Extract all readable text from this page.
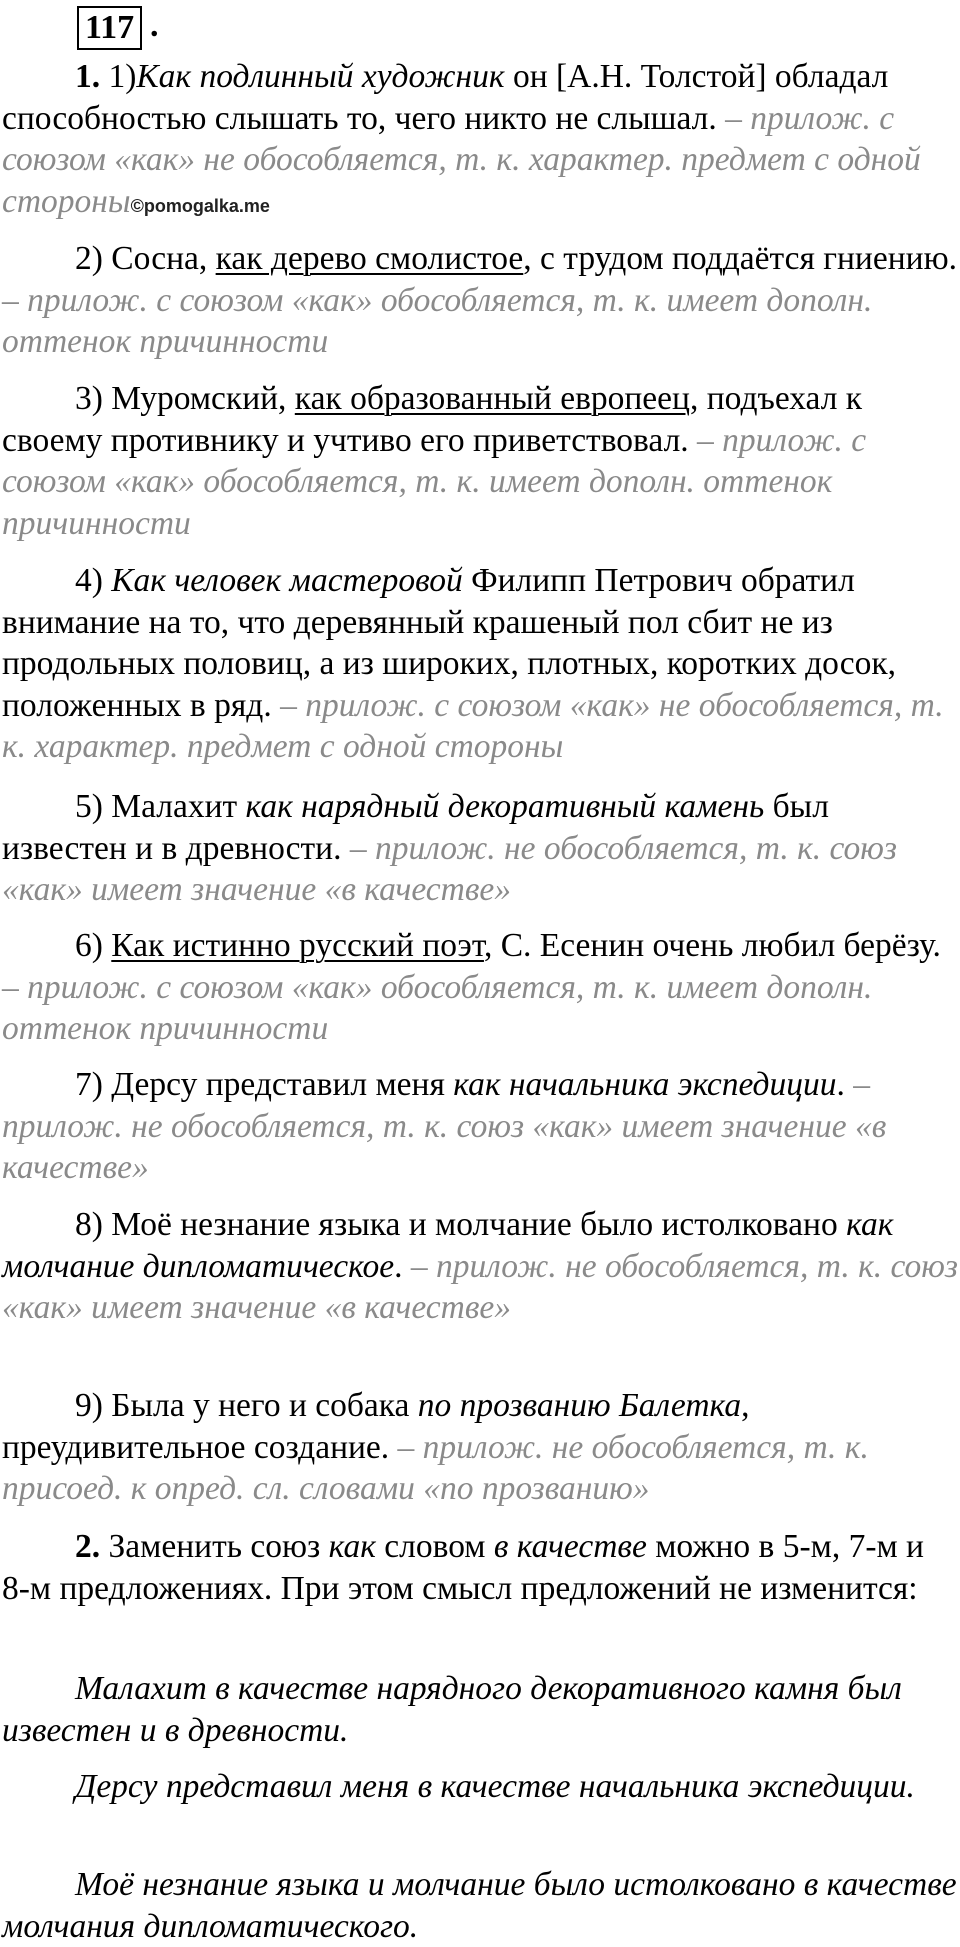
117 .

1. 1)Как подлинный художник он [А.Н. Толстой] обладал способностью слышать то, чего никто не слышал. – прилож. с союзом «как» не обособляется, т. к. характер. предмет с одной стороны©pomogalka.me

2) Сосна, как дерево смолистое, с трудом поддаётся гниению. – прилож. с союзом «как» обособляется, т. к. имеет дополн. оттенок причинности

3) Муромский, как образованный европеец, подъехал к своему противнику и учтиво его приветствовал. – прилож. с союзом «как» обособляется, т. к. имеет дополн. оттенок причинности

4) Как человек мастеровой Филипп Петрович обратил внимание на то, что деревянный крашеный пол сбит не из продольных половиц, а из широких, плотных, коротких досок, положенных в ряд. – прилож. с союзом «как» не обособляется, т. к. характер. предмет с одной стороны

5) Малахит как нарядный декоративный камень был известен и в древности. – прилож. не обособляется, т. к. союз «как» имеет значение «в качестве»

6) Как истинно русский поэт, С. Есенин очень любил берёзу. – прилож. с союзом «как» обособляется, т. к. имеет дополн. оттенок причинности

7) Дерсу представил меня как начальника экспедиции. – прилож. не обособляется, т. к. союз «как» имеет значение «в качестве»

8) Моё незнание языка и молчание было истолковано как молчание дипломатическое. – прилож. не обособляется, т. к. союз «как» имеет значение «в качестве»

9) Была у него и собака по прозванию Балетка, преудивительное создание. – прилож. не обособляется, т. к. присоед. к опред. сл. словами «по прозванию»

2. Заменить союз как словом в качестве можно в 5-м, 7-м и 8-м предложениях. При этом смысл предложений не изменится:

Малахит в качестве нарядного декоративного камня был известен и в древности.

Дерсу представил меня в качестве начальника экспедиции.

Моё незнание языка и молчание было истолковано в качестве молчания дипломатического.
